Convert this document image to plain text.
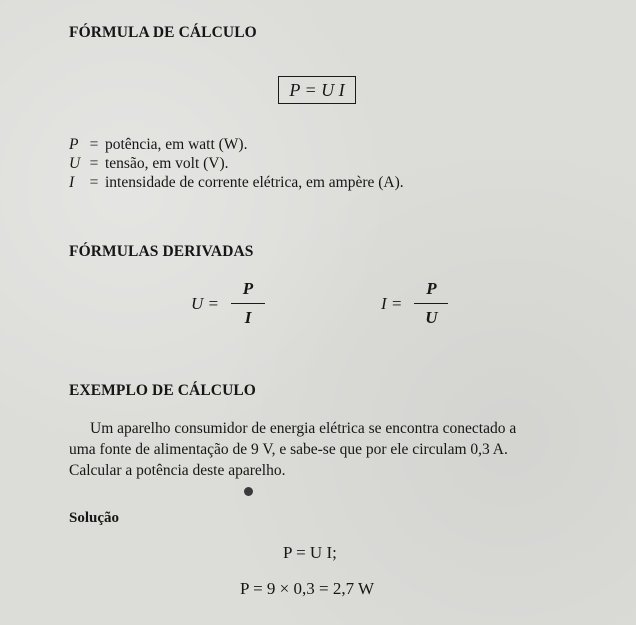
FÓRMULA DE CÁLCULO
P = U I
P = potência, em watt (W).
U = tensão, em volt (V).
I = intensidade de corrente elétrica, em ampère (A).
FÓRMULAS DERIVADAS
$U = \frac{P}{I}$	$I = \frac{P}{U}$
EXEMPLO DE CÁLCULO
Um aparelho consumidor de energia elétrica se encontra conectado a
uma fonte de alimentação de 9 V, e sabe-se que por ele circulam 0,3 A.
Calcular a potência deste aparelho.
Solução
P = U I;
P = 9 × 0,3 = 2,7 W
